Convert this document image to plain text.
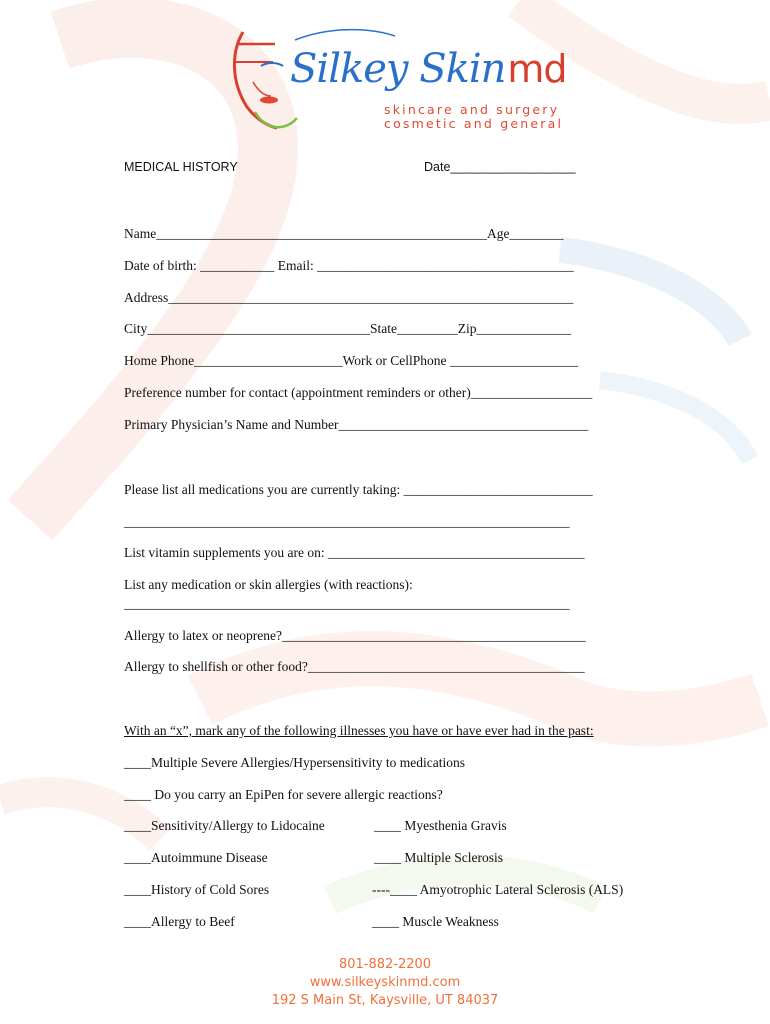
Silkey Skinmd
skincare and surgery
cosmetic and general
MEDICAL HISTORY	Date__________________
Name_________________________________________________Age________
Date of birth: ___________ Email: ______________________________________
Address____________________________________________________________
City_________________________________State_________Zip______________
Home Phone______________________Work or CellPhone ___________________
Preference number for contact (appointment reminders or other)__________________
Primary Physician’s Name and Number_____________________________________
Please list all medications you are currently taking: ____________________________
__________________________________________________________________
List vitamin supplements you are on: ______________________________________
List any medication or skin allergies (with reactions):
__________________________________________________________________
Allergy to latex or neoprene?_____________________________________________
Allergy to shellfish or other food?_________________________________________
With an “x”, mark any of the following illnesses you have or have ever had in the past:
____Multiple Severe Allergies/Hypersensitivity to medications
____ Do you carry an EpiPen for severe allergic reactions?
____Sensitivity/Allergy to Lidocaine	____ Myesthenia Gravis
____Autoimmune Disease	____ Multiple Sclerosis
____History of Cold Sores	----____ Amyotrophic Lateral Sclerosis (ALS)
____Allergy to Beef	____ Muscle Weakness
801-882-2200
www.silkeyskinmd.com
192 S Main St, Kaysville, UT 84037
